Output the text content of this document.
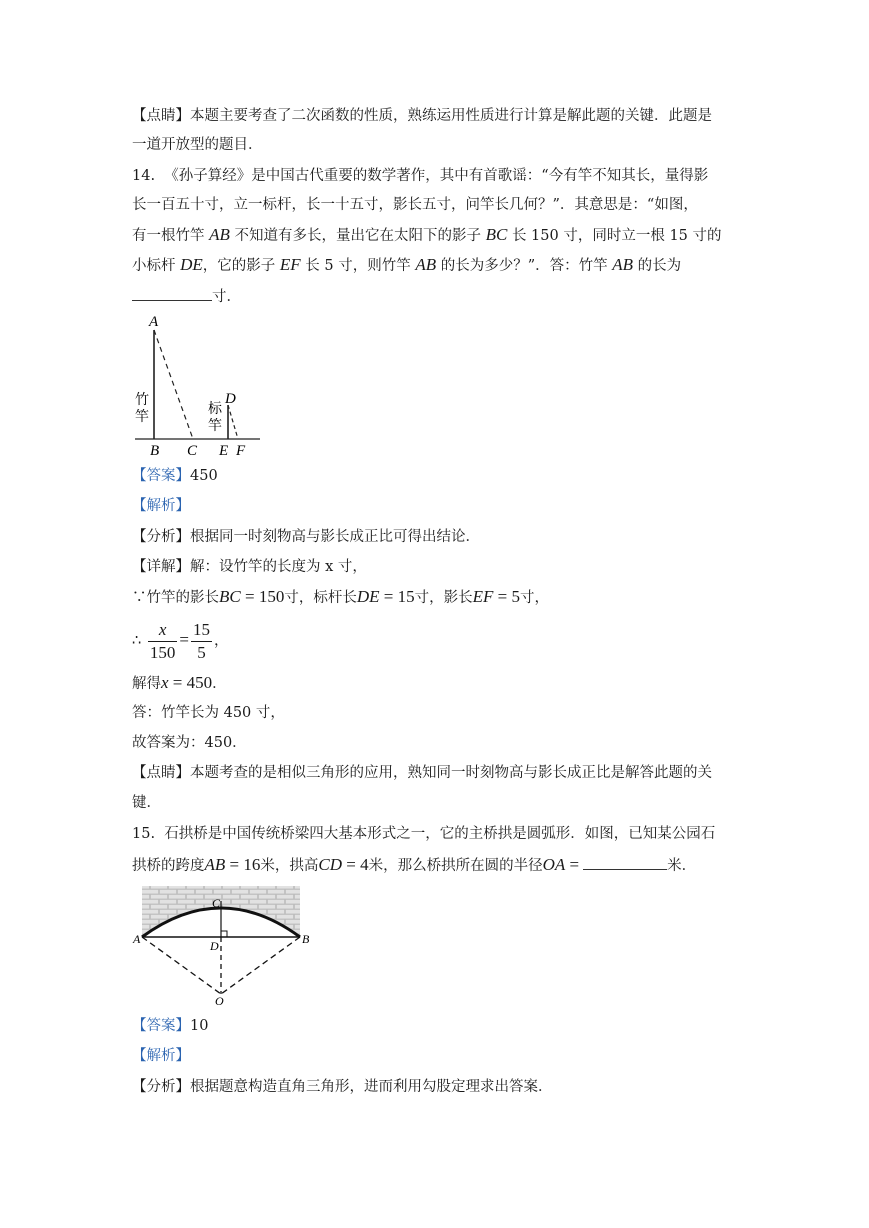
【点睛】本题主要考查了二次函数的性质，熟练运用性质进行计算是解此题的关键．此题是
一道开放型的题目．
14. 《孙子算经》是中国古代重要的数学著作，其中有首歌谣：“今有竿不知其长，量得影
长一百五十寸，立一标杆，长一十五寸，影长五寸，问竿长几何？”．其意思是：“如图，
有一根竹竿 AB 不知道有多长，量出它在太阳下的影子 BC 长 150 寸，同时立一根 15 寸的
小标杆 DE，它的影子 EF 长 5 寸，则竹竿 AB 的长为多少？”．答：竹竿 AB 的长为
寸．
A
B C
D
E F
竹
竿
标
竿
【答案】450
【解析】
【分析】根据同一时刻物高与影长成正比可得出结论．
【详解】解：设竹竿的长度为 x 寸，
∵竹竿的影长BC = 150寸，标杆长DE = 15寸，影长EF = 5寸，
∴ $\frac{x}{150} = \frac{15}{5}$ ，
解得x = 450．
答：竹竿长为 450 寸，
故答案为：450．
【点睛】本题考查的是相似三角形的应用，熟知同一时刻物高与影长成正比是解答此题的关
键．
15. 石拱桥是中国传统桥梁四大基本形式之一，它的主桥拱是圆弧形．如图，已知某公园石
拱桥的跨度AB = 16米，拱高CD = 4米，那么桥拱所在圆的半径OA =	米．
A	B
C
D
O
【答案】10
【解析】
【分析】根据题意构造直角三角形，进而利用勾股定理求出答案．
